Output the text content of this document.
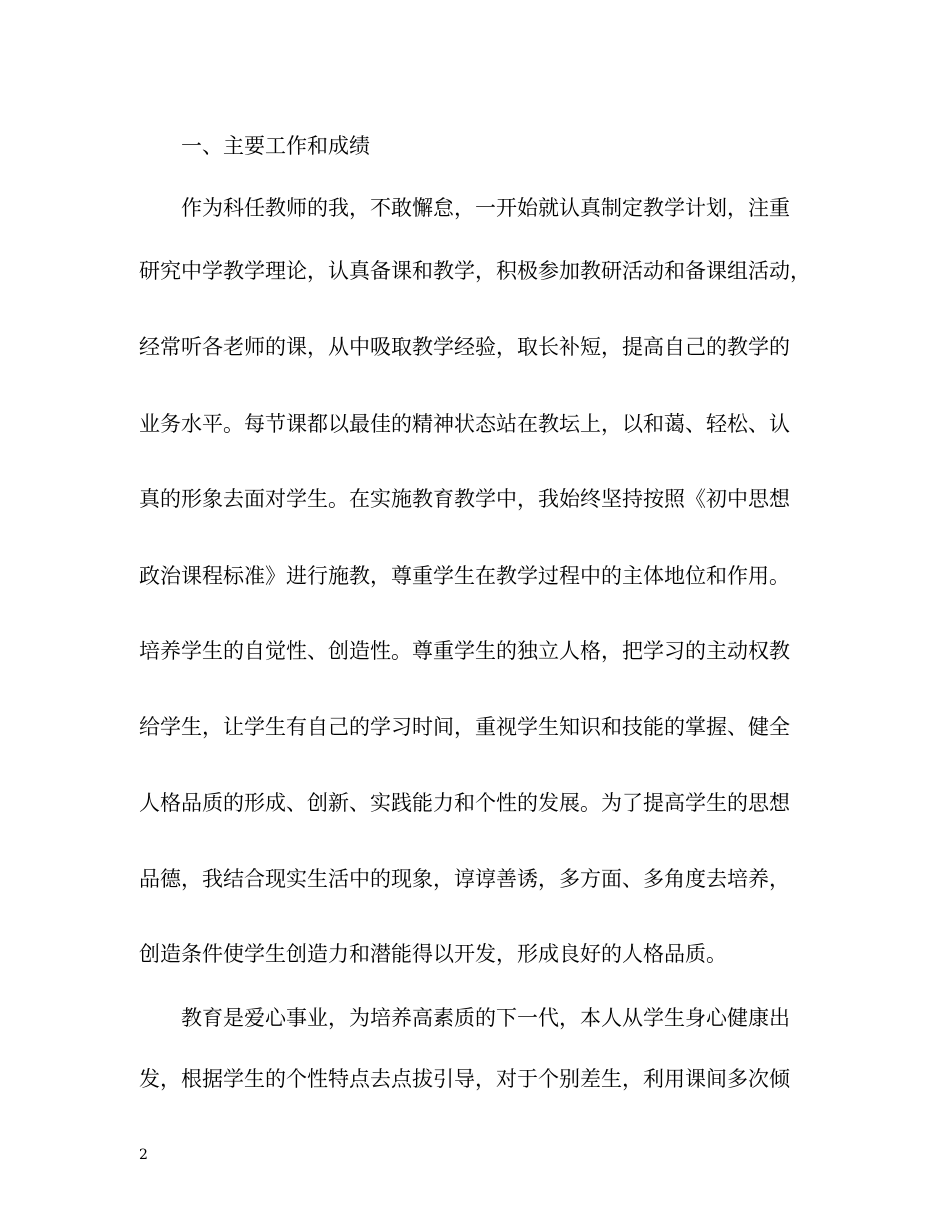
一、主要工作和成绩
作为科任教师的我，不敢懈怠，一开始就认真制定教学计划，注重
研究中学教学理论，认真备课和教学，积极参加教研活动和备课组活动，
经常听各老师的课，从中吸取教学经验，取长补短，提高自己的教学的
业务水平。每节课都以最佳的精神状态站在教坛上，以和蔼、轻松、认
真的形象去面对学生。在实施教育教学中，我始终坚持按照《初中思想
政治课程标准》进行施教，尊重学生在教学过程中的主体地位和作用。
培养学生的自觉性、创造性。尊重学生的独立人格，把学习的主动权教
给学生，让学生有自己的学习时间，重视学生知识和技能的掌握、健全
人格品质的形成、创新、实践能力和个性的发展。为了提高学生的思想
品德，我结合现实生活中的现象，谆谆善诱，多方面、多角度去培养，
创造条件使学生创造力和潜能得以开发，形成良好的人格品质。
教育是爱心事业，为培养高素质的下一代，本人从学生身心健康出
发，根据学生的个性特点去点拔引导，对于个别差生，利用课间多次倾
2
